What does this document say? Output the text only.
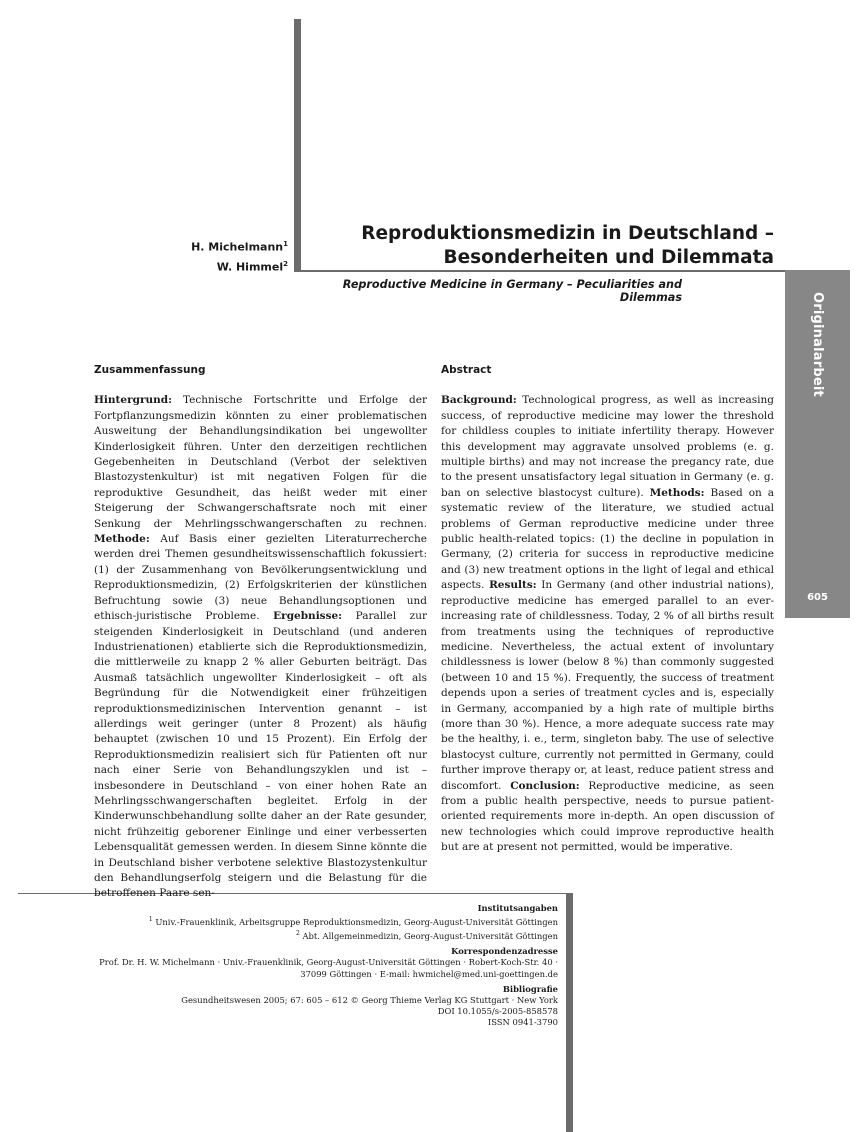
Originalarbeit
605
H. Michelmann$^1$
W. Himmel$^2$
Reproduktionsmedizin in Deutschland –
Besonderheiten und Dilemmata
Reproductive Medicine in Germany – Peculiarities and Dilemmas
Zusammenfassung

Hintergrund: Technische Fortschritte und Erfolge der Fortpflanzungsmedizin könnten zu einer problematischen Ausweitung der Behandlungsindikation bei ungewollter Kinderlosigkeit führen. Unter den derzeitigen rechtlichen Gegebenheiten in Deutschland (Verbot der selektiven Blastozystenkultur) ist mit negativen Folgen für die reproduktive Gesundheit, das heißt weder mit einer Steigerung der Schwangerschaftsrate noch mit einer Senkung der Mehrlingsschwangerschaften zu rechnen. Methode: Auf Basis einer gezielten Literaturrecherche werden drei Themen gesundheitswissenschaftlich fokussiert: (1) der Zusammenhang von Bevölkerungsentwicklung und Reproduktionsmedizin, (2) Erfolgskriterien der künstlichen Befruchtung sowie (3) neue Behandlungsoptionen und ethisch-juristische Probleme. Ergebnisse: Parallel zur steigenden Kinderlosigkeit in Deutschland (und anderen Industrienationen) etablierte sich die Reproduktionsmedizin, die mittlerweile zu knapp 2 % aller Geburten beiträgt. Das Ausmaß tatsächlich ungewollter Kinderlosigkeit – oft als Begründung für die Notwendigkeit einer frühzeitigen reproduktionsmedizinischen Intervention genannt – ist allerdings weit geringer (unter 8 Prozent) als häufig behauptet (zwischen 10 und 15 Prozent). Ein Erfolg der Reproduktionsmedizin realisiert sich für Patienten oft nur nach einer Serie von Behandlungszyklen und ist – insbesondere in Deutschland – von einer hohen Rate an Mehrlingsschwangerschaften begleitet. Erfolg in der Kinderwunschbehandlung sollte daher an der Rate gesunder, nicht frühzeitig geborener Einlinge und einer verbesserten Lebensqualität gemessen werden. In diesem Sinne könnte die in Deutschland bisher verbotene selektive Blastozystenkultur den Behandlungserfolg steigern und die Belastung für die betroffenen Paare sen-

Abstract

Background: Technological progress, as well as increasing success, of reproductive medicine may lower the threshold for childless couples to initiate infertility therapy. However this development may aggravate unsolved problems (e. g. multiple births) and may not increase the pregancy rate, due to the present unsatisfactory legal situation in Germany (e. g. ban on selective blastocyst culture). Methods: Based on a systematic review of the literature, we studied actual problems of German reproductive medicine under three public health-related topics: (1) the decline in population in Germany, (2) criteria for success in reproductive medicine and (3) new treatment options in the light of legal and ethical aspects. Results: In Germany (and other industrial nations), reproductive medicine has emerged parallel to an ever-increasing rate of childlessness. Today, 2 % of all births result from treatments using the techniques of reproductive medicine. Nevertheless, the actual extent of involuntary childlessness is lower (below 8 %) than commonly suggested (between 10 and 15 %). Frequently, the success of treatment depends upon a series of treatment cycles and is, especially in Germany, accompanied by a high rate of multiple births (more than 30 %). Hence, a more adequate success rate may be the healthy, i. e., term, singleton baby. The use of selective blastocyst culture, currently not permitted in Germany, could further improve therapy or, at least, reduce patient stress and discomfort. Conclusion: Reproductive medicine, as seen from a public health perspective, needs to pursue patient-oriented requirements more in-depth. An open discussion of new technologies which could improve reproductive health but are at present not permitted, would be imperative.

Institutsangaben
$^1$ Univ.-Frauenklinik, Arbeitsgruppe Reproduktionsmedizin, Georg-August-Universität Göttingen
$^2$ Abt. Allgemeinmedizin, Georg-August-Universität Göttingen
Korrespondenzadresse
Prof. Dr. H. W. Michelmann · Univ.-Frauenklinik, Georg-August-Universität Göttingen · Robert-Koch-Str. 40 ·
37099 Göttingen · E-mail: hwmichel@med.uni-goettingen.de
Bibliografie
Gesundheitswesen 2005; 67: 605 – 612 © Georg Thieme Verlag KG Stuttgart · New York
DOI 10.1055/s-2005-858578
ISSN 0941-3790
